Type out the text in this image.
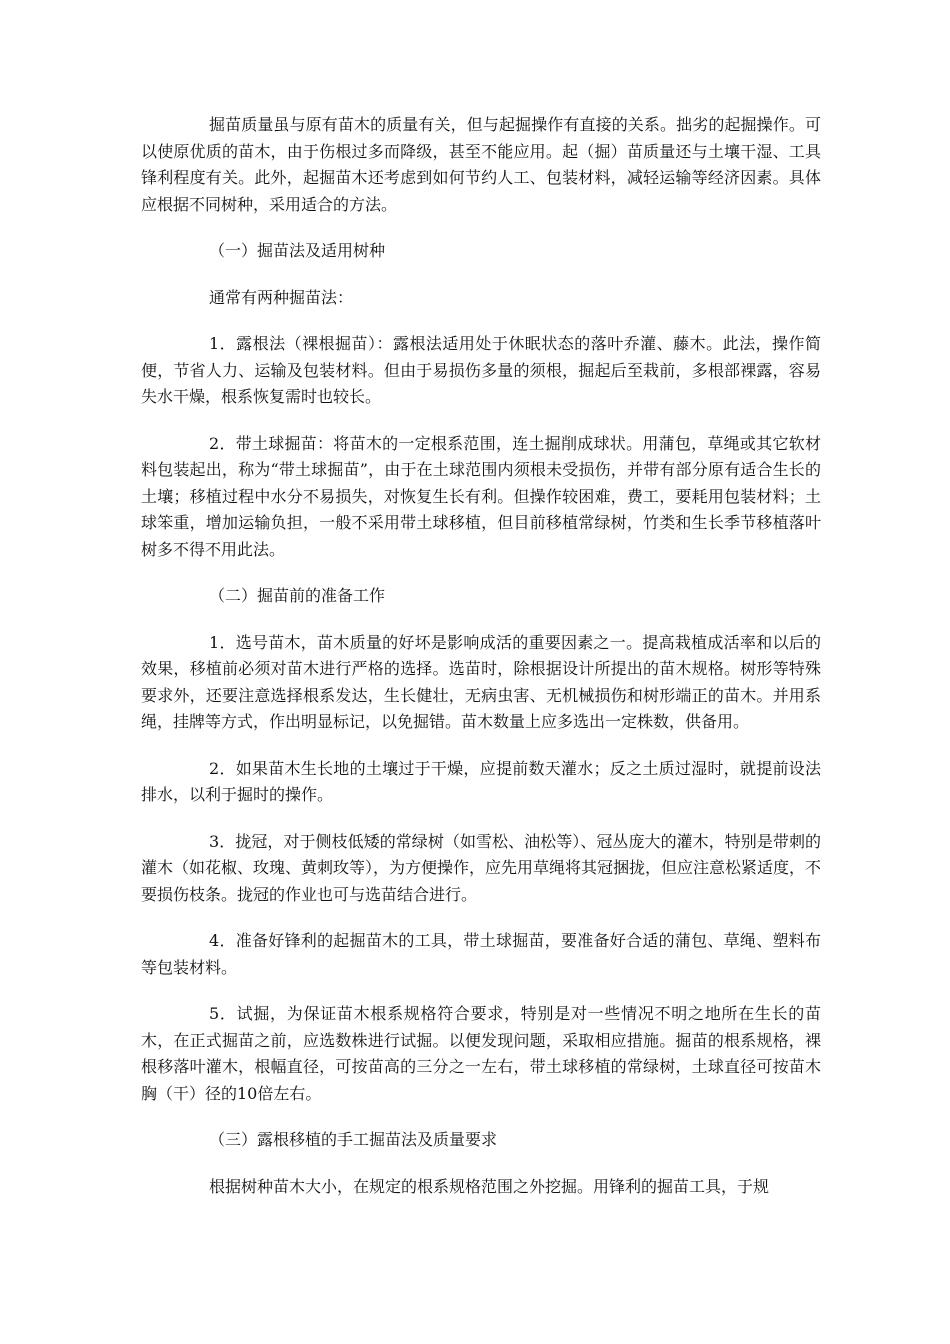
掘苗质量虽与原有苗木的质量有关，但与起掘操作有直接的关系。拙劣的起掘操作。可以使原优质的苗木，由于伤根过多而降级，甚至不能应用。起（掘）苗质量还与土壤干湿、工具锋利程度有关。此外，起掘苗木还考虑到如何节约人工、包装材料，减轻运输等经济因素。具体应根据不同树种，采用适合的方法。

（一）掘苗法及适用树种

通常有两种掘苗法：

1．露根法（裸根掘苗）：露根法适用处于休眠状态的落叶乔灌、藤木。此法，操作简便，节省人力、运输及包装材料。但由于易损伤多量的须根，掘起后至栽前，多根部裸露，容易失水干燥，根系恢复需时也较长。

2．带土球掘苗：将苗木的一定根系范围，连土掘削成球状。用蒲包，草绳或其它软材料包装起出，称为“带土球掘苗”，由于在土球范围内须根未受损伤，并带有部分原有适合生长的土壤；移植过程中水分不易损失，对恢复生长有利。但操作较困难，费工，要耗用包装材料；土球笨重，增加运输负担，一般不采用带土球移植，但目前移植常绿树，竹类和生长季节移植落叶树多不得不用此法。

（二）掘苗前的准备工作

1．选号苗木，苗木质量的好坏是影响成活的重要因素之一。提高栽植成活率和以后的效果，移植前必须对苗木进行严格的选择。选苗时，除根据设计所提出的苗木规格。树形等特殊要求外，还要注意选择根系发达，生长健壮，无病虫害、无机械损伤和树形端正的苗木。并用系绳，挂牌等方式，作出明显标记，以免掘错。苗木数量上应多选出一定株数，供备用。

2．如果苗木生长地的土壤过于干燥，应提前数天灌水；反之土质过湿时，就提前设法排水，以利于掘时的操作。

3．拢冠，对于侧枝低矮的常绿树（如雪松、油松等）、冠丛庞大的灌木，特别是带刺的灌木（如花椒、玫瑰、黄刺玫等），为方便操作，应先用草绳将其冠捆拢，但应注意松紧适度，不要损伤枝条。拢冠的作业也可与选苗结合进行。

4．准备好锋利的起掘苗木的工具，带土球掘苗，要准备好合适的蒲包、草绳、塑料布等包装材料。

5．试掘，为保证苗木根系规格符合要求，特别是对一些情况不明之地所在生长的苗木，在正式掘苗之前，应选数株进行试掘。以便发现问题，采取相应措施。掘苗的根系规格，裸根移落叶灌木，根幅直径，可按苗高的三分之一左右，带土球移植的常绿树，土球直径可按苗木胸（干）径的10倍左右。

（三）露根移植的手工掘苗法及质量要求

根据树种苗木大小，在规定的根系规格范围之外挖掘。用锋利的掘苗工具，于规
